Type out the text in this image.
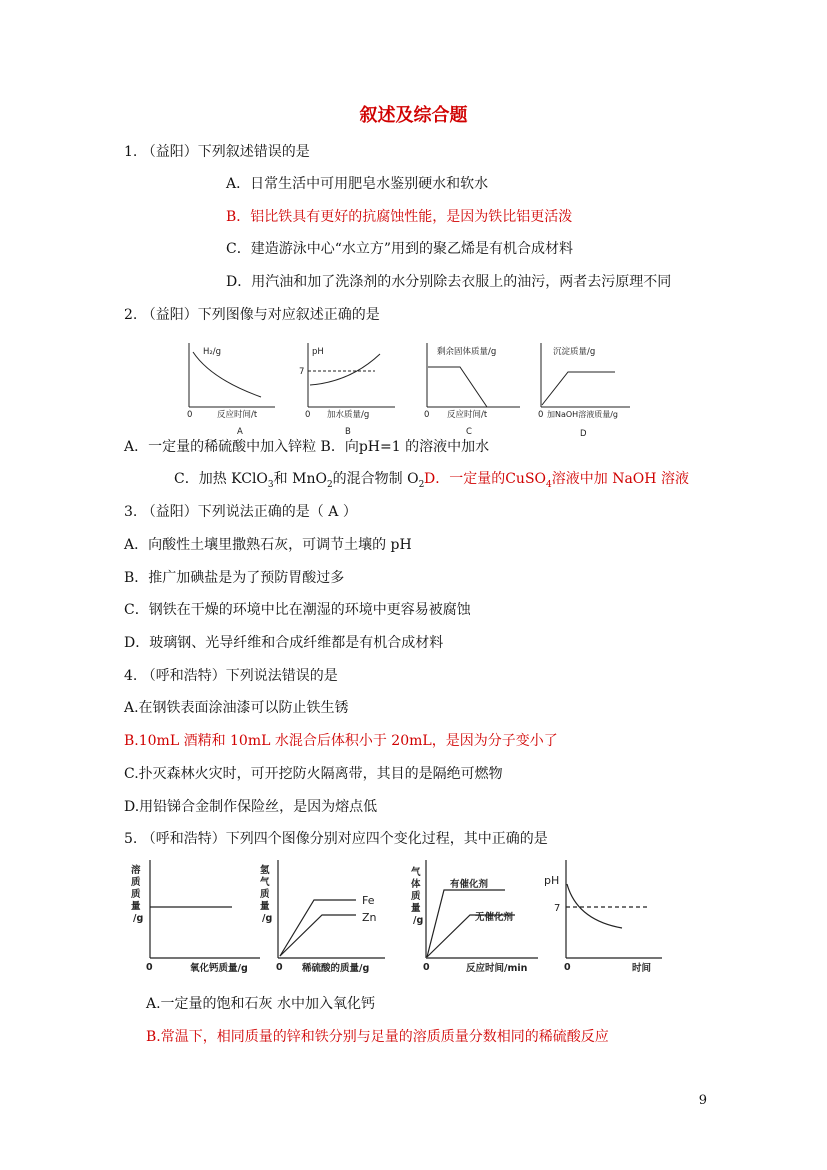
叙述及综合题
1. （益阳）下列叙述错误的是
A．日常生活中可用肥皂水鉴别硬水和软水
B．铝比铁具有更好的抗腐蚀性能，是因为铁比铝更活泼
C．建造游泳中心“水立方”用到的聚乙烯是有机合成材料
D．用汽油和加了洗涤剂的水分别除去衣服上的油污，两者去污原理不同
2. （益阳）下列图像与对应叙述正确的是
H₂/g
0	反应时间/t
A
pH
7
0 加水质量/g
B
剩余固体质量/g
0 反应时间/t
C
沉淀质量/g
0 加NaOH溶液质量/g
D
A．一定量的稀硫酸中加入锌粒 B．向pH=1 的溶液中加水
C．加热 KClO$_3$和 MnO$_2$的混合物制 $O_2$ D．一定量的CuSO$_4$溶液中加 NaOH 溶液
3. （益阳）下列说法正确的是（ A ）
A．向酸性土壤里撒熟石灰，可调节土壤的 pH
B．推广加碘盐是为了预防胃酸过多
C．钢铁在干燥的环境中比在潮湿的环境中更容易被腐蚀
D．玻璃钢、光导纤维和合成纤维都是有机合成材料
4. （呼和浩特）下列说法错误的是
A.在钢铁表面涂油漆可以防止铁生锈
B.10mL 酒精和 10mL 水混合后体积小于 20mL，是因为分子变小了
C.扑灭森林火灾时，可开挖防火隔离带，其目的是隔绝可燃物
D.用铅锑合金制作保险丝，是因为熔点低
5. （呼和浩特）下列四个图像分别对应四个变化过程，其中正确的是
溶
质
质
量
/g
0	氧化钙质量/g
氢
气
质
量
/g
0 稀硫酸的质量/g
Fe
Zn
气
体
质
量
/g
0	反应时间/min
有催化剂
无催化剂
pH
7
0	时间
A.一定量的饱和石灰 水中加入氧化钙
B.常温下，相同质量的锌和铁分别与足量的溶质质量分数相同的稀硫酸反应
9
